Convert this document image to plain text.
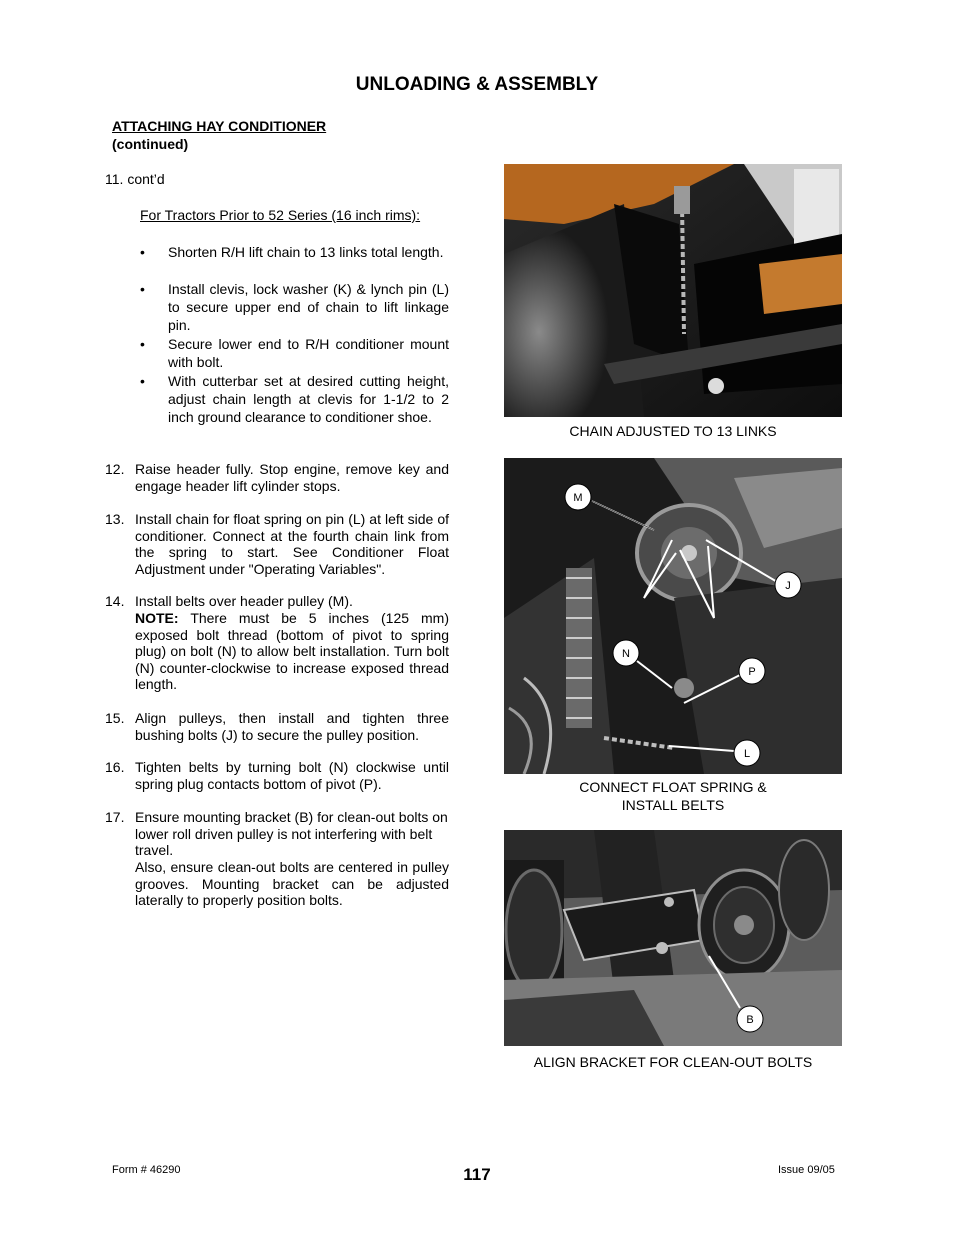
UNLOADING & ASSEMBLY
ATTACHING HAY CONDITIONER
(continued)
11. cont’d
For Tractors Prior to 52 Series (16 inch rims):
• Shorten R/H lift chain to 13 links total length.
• Install clevis, lock washer (K) & lynch pin (L) to secure upper end of chain to lift linkage pin.
• Secure lower end to R/H conditioner mount with bolt.
• With cutterbar set at desired cutting height, adjust chain length at clevis for 1-1/2 to 2 inch ground clearance to conditioner shoe.
12. Raise header fully. Stop engine, remove key and engage header lift cylinder stops.
13. Install chain for float spring on pin (L) at left side of conditioner. Connect at the fourth chain link from the spring to start. See Conditioner Float Adjustment under "Operating Variables".
14. Install belts over header pulley (M).
NOTE: There must be 5 inches (125 mm) exposed bolt thread (bottom of pivot to spring plug) on bolt (N) to allow belt installation. Turn bolt (N) counter-clockwise to increase exposed thread length.
15. Align pulleys, then install and tighten three bushing bolts (J) to secure the pulley position.
16. Tighten belts by turning bolt (N) clockwise until spring plug contacts bottom of pivot (P).
17. Ensure mounting bracket (B) for clean-out bolts on lower roll driven pulley is not interfering with belt travel.
Also, ensure clean-out bolts are centered in pulley grooves. Mounting bracket can be adjusted laterally to properly position bolts.
CHAIN ADJUSTED TO 13 LINKS
M
J
N
P
L
CONNECT FLOAT SPRING &
INSTALL BELTS
B
ALIGN BRACKET FOR CLEAN-OUT BOLTS
Form # 46290	117	Issue 09/05
